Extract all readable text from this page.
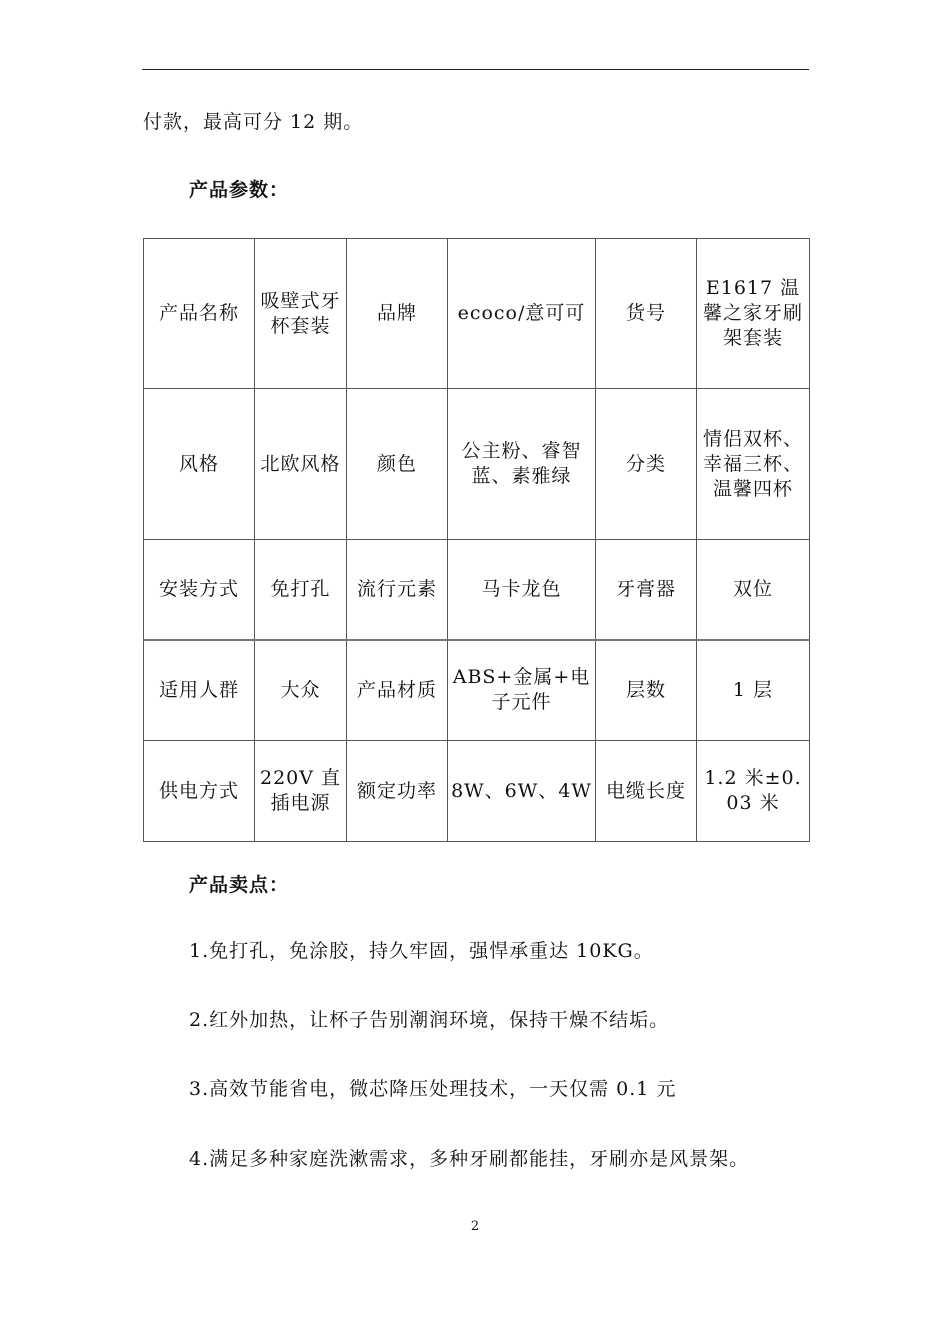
付款，最高可分 12 期。
产品参数：
产品名称	吸壁式牙杯套装	品牌	ecoco/意可可	货号	E1617 温馨之家牙刷架套装
风格	北欧风格	颜色	公主粉、睿智蓝、素雅绿	分类	情侣双杯、幸福三杯、温馨四杯
安装方式	免打孔	流行元素	马卡龙色	牙膏器	双位
适用人群	大众	产品材质	ABS+金属+电子元件	层数	1 层
供电方式	220V 直插电源	额定功率	8W、6W、4W	电缆长度	1.2 米±0.03 米
产品卖点：
1.免打孔，免涂胶，持久牢固，强悍承重达 10KG。
2.红外加热，让杯子告别潮润环境，保持干燥不结垢。
3.高效节能省电，微芯降压处理技术，一天仅需 0.1 元
4.满足多种家庭洗漱需求，多种牙刷都能挂，牙刷亦是风景架。
2
